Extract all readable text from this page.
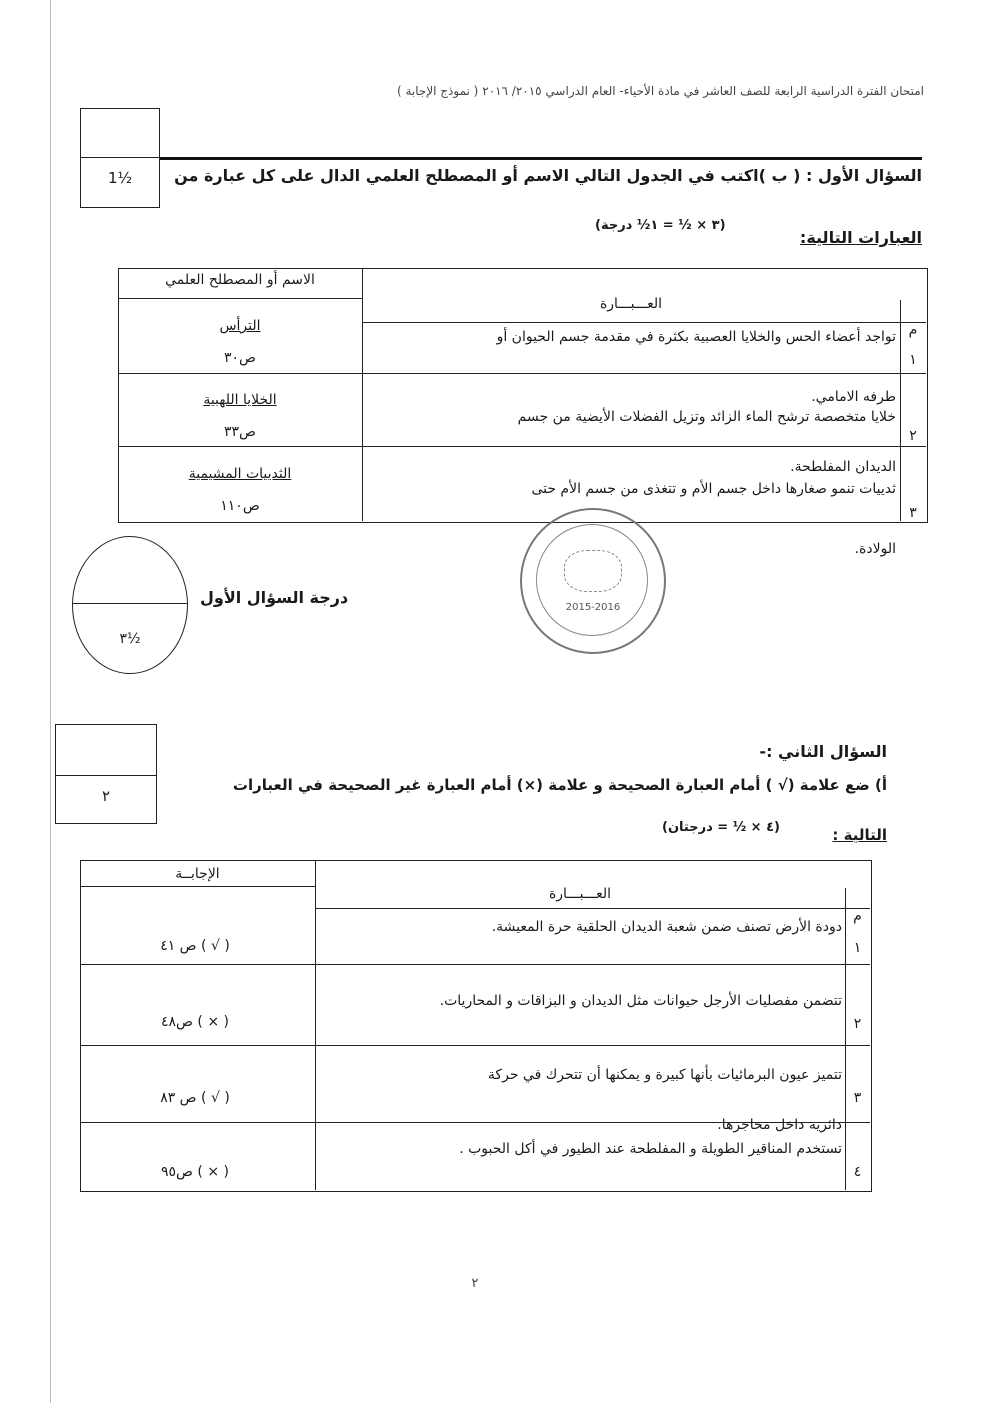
امتحان الفترة الدراسية الرابعة للصف العاشر في مادة الأحياء- العام الدراسي ٢٠١٥/ ٢٠١٦ ( نموذج الإجابة )
1½	السؤال الأول : ( ب )اكتب في الجدول التالي الاسم أو المصطلح العلمي الدال على كل عبارة من
العبارات التالية:
(٣ × ½ = ١½ درجة)
الاسم أو المصطلح العلمي
العـــبـــارة
م
١
تواجد أعضاء الحس والخلايا العصبية بكثرة في مقدمة جسم الحيوان أو
طرفه الامامي.
الترأس
ص٣٠
٢
خلايا متخصصة ترشح الماء الزائد وتزيل الفضلات الأيضية من جسم
الديدان المفلطحة.
الخلايا اللهبية
ص٣٣
٣
ثدييات تنمو صغارها داخل جسم الأم و تتغذى من جسم الأم حتى
الولادة.
الثدييات المشيمية
ص١١٠
٣½
درجة السؤال الأول
2015-2016
٢
السؤال الثاني :-
أ) ضع علامة (√ ) أمام العبارة الصحيحة و علامة (×) أمام العبارة غير الصحيحة في العبارات
التالية :
(٤ × ½ = درجتان)
الإجابــة
العـــبـــارة
م
١
دودة الأرض تصنف ضمن شعبة الديدان الحلقية حرة المعيشة.
( √ ) ص ٤١
٢
تتضمن مفصليات الأرجل حيوانات مثل الديدان و البزاقات و المحاريات.
( × ) ص٤٨
٣
تتميز عيون البرمائيات بأنها كبيرة و يمكنها أن تتحرك في حركة
دائرية داخل محاجرها.
( √ ) ص ٨٣
٤
تستخدم المناقير الطويلة و المفلطحة عند الطيور في أكل الحبوب .
( × ) ص٩٥
٢
